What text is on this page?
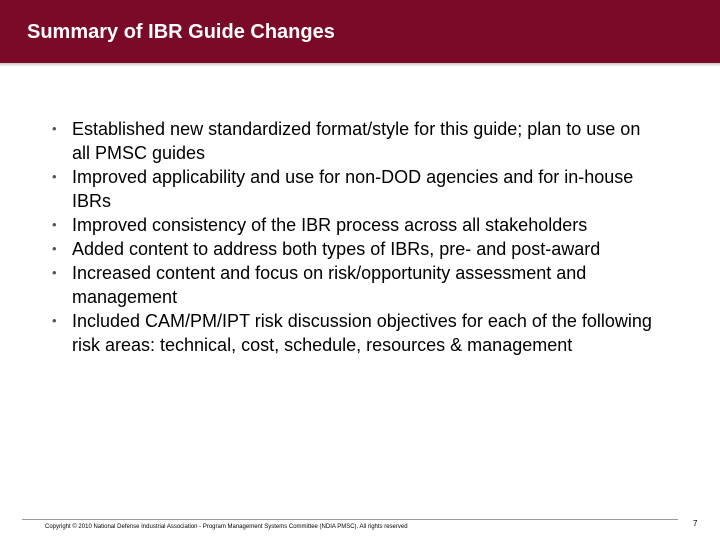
Summary of IBR Guide Changes
• Established new standardized format/style for this guide; plan to use on all PMSC guides
• Improved applicability and use for non-DOD agencies and for in-house IBRs
• Improved consistency of the IBR process across all stakeholders
• Added content to address both types of IBRs, pre- and post-award
• Increased content and focus on risk/opportunity assessment and management
• Included CAM/PM/IPT risk discussion objectives for each of the following risk areas: technical, cost, schedule, resources & management
Copyright © 2010 National Defense Industrial Association - Program Management Systems Committee (NDIA PMSC). All rights reserved	7
